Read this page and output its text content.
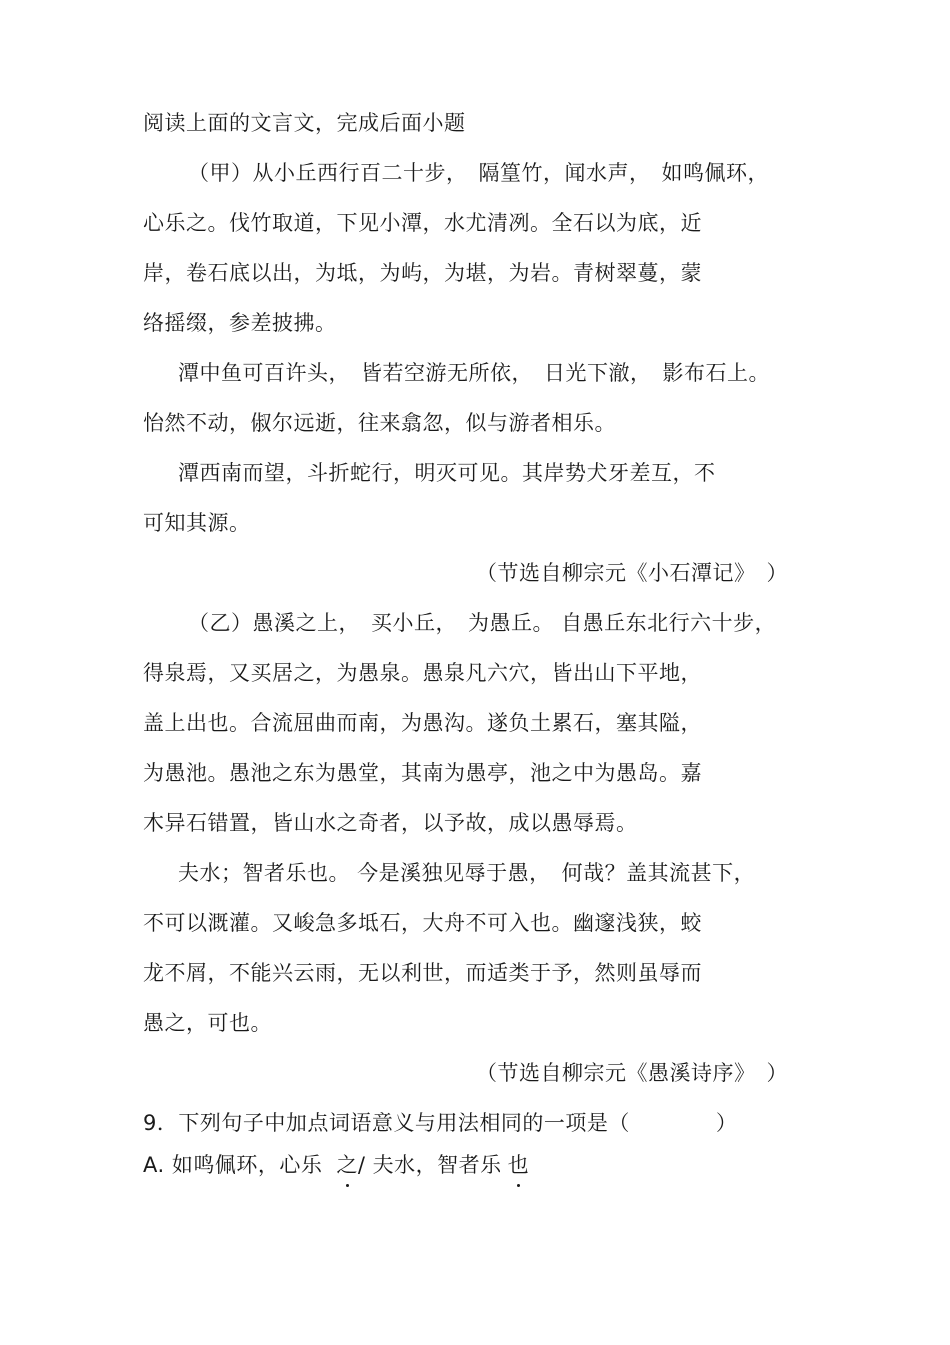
阅读上面的文言文，完成后面小题
（甲）从小丘西行百二十步，　隔篁竹，闻水声，　如鸣佩环，
心乐之。伐竹取道，下见小潭，水尤清冽。全石以为底，近
岸，卷石底以出，为坻，为屿，为堪，为岩。青树翠蔓，蒙
络摇缀，参差披拂。
潭中鱼可百许头，　皆若空游无所依，　日光下澈，　影布石上。
怡然不动，俶尔远逝，往来翕忽，似与游者相乐。
潭西南而望，斗折蛇行，明灭可见。其岸势犬牙差互，不
可知其源。
（节选自柳宗元《小石潭记》　）
（乙）愚溪之上，　买小丘，　为愚丘。 自愚丘东北行六十步，
得泉焉，又买居之，为愚泉。愚泉凡六穴，皆出山下平地，
盖上出也。合流屈曲而南，为愚沟。遂负土累石，塞其隘，
为愚池。愚池之东为愚堂，其南为愚亭，池之中为愚岛。嘉
木异石错置，皆山水之奇者，以予故，成以愚辱焉。
夫水；智者乐也。 今是溪独见辱于愚，　何哉？盖其流甚下，
不可以溉灌。又峻急多坻石，大舟不可入也。幽邃浅狭，蛟
龙不屑，不能兴云雨，无以利世，而适类于予，然则虽辱而
愚之，可也。
（节选自柳宗元《愚溪诗序》　）
9．下列句子中加点词语意义与用法相同的一项是（　　　　）
A. 如鸣佩环，心乐 之/ 夫水，智者乐 也
